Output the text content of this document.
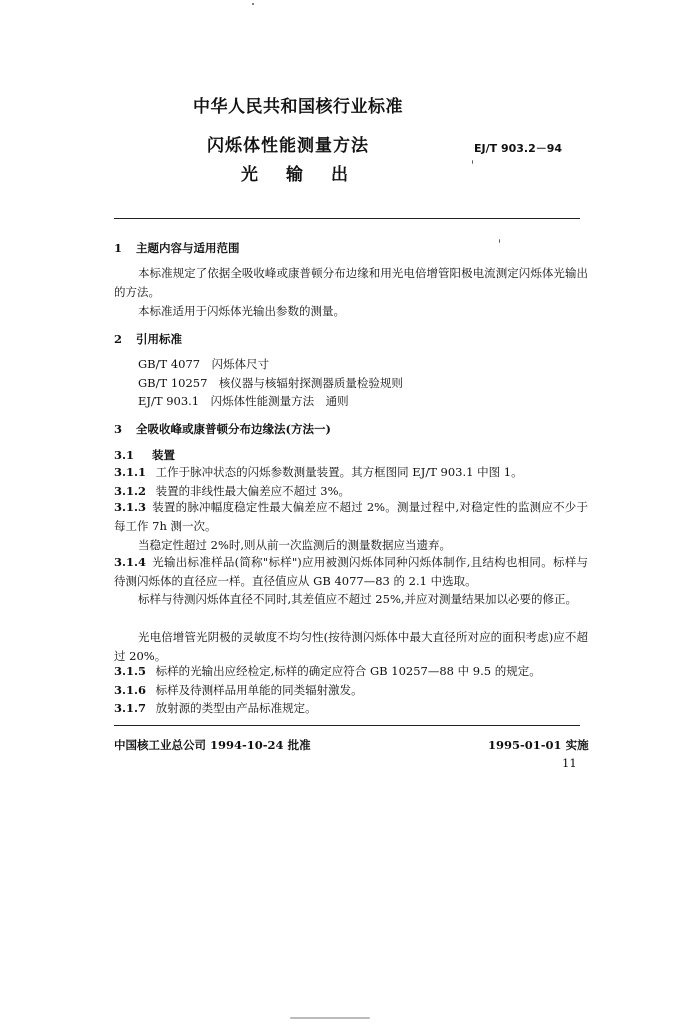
中华人民共和国核行业标准
闪烁体性能测量方法	EJ/T 903.2－94
光输出
1 主题内容与适用范围
本标准规定了依据全吸收峰或康普顿分布边缘和用光电倍增管阳极电流测定闪烁体光输出的方法。
本标准适用于闪烁体光输出参数的测量。
2 引用标准
GB/T 4077　闪烁体尺寸
GB/T 10257　核仪器与核辐射探测器质量检验规则
EJ/T 903.1　闪烁体性能测量方法　通则
3 全吸收峰或康普顿分布边缘法(方法一)
3.1 装置
3.1.1 工作于脉冲状态的闪烁参数测量装置。其方框图同 EJ/T 903.1 中图 1。
3.1.2 装置的非线性最大偏差应不超过 3%。
3.1.3 装置的脉冲幅度稳定性最大偏差应不超过 2%。测量过程中,对稳定性的监测应不少于每工作 7h 测一次。
当稳定性超过 2%时,则从前一次监测后的测量数据应当遗弃。
3.1.4 光输出标准样品(简称"标样")应用被测闪烁体同种闪烁体制作,且结构也相同。标样与待测闪烁体的直径应一样。直径值应从 GB 4077—83 的 2.1 中选取。
标样与待测闪烁体直径不同时,其差值应不超过 25%,并应对测量结果加以必要的修正。
光电倍增管光阴极的灵敏度不均匀性(按待测闪烁体中最大直径所对应的面积考虑)应不超过 20%。
3.1.5 标样的光输出应经检定,标样的确定应符合 GB 10257—88 中 9.5 的规定。
3.1.6 标样及待测样品用单能的同类辐射激发。
3.1.7 放射源的类型由产品标准规定。
中国核工业总公司 1994-10-24 批准	1995-01-01 实施
11
